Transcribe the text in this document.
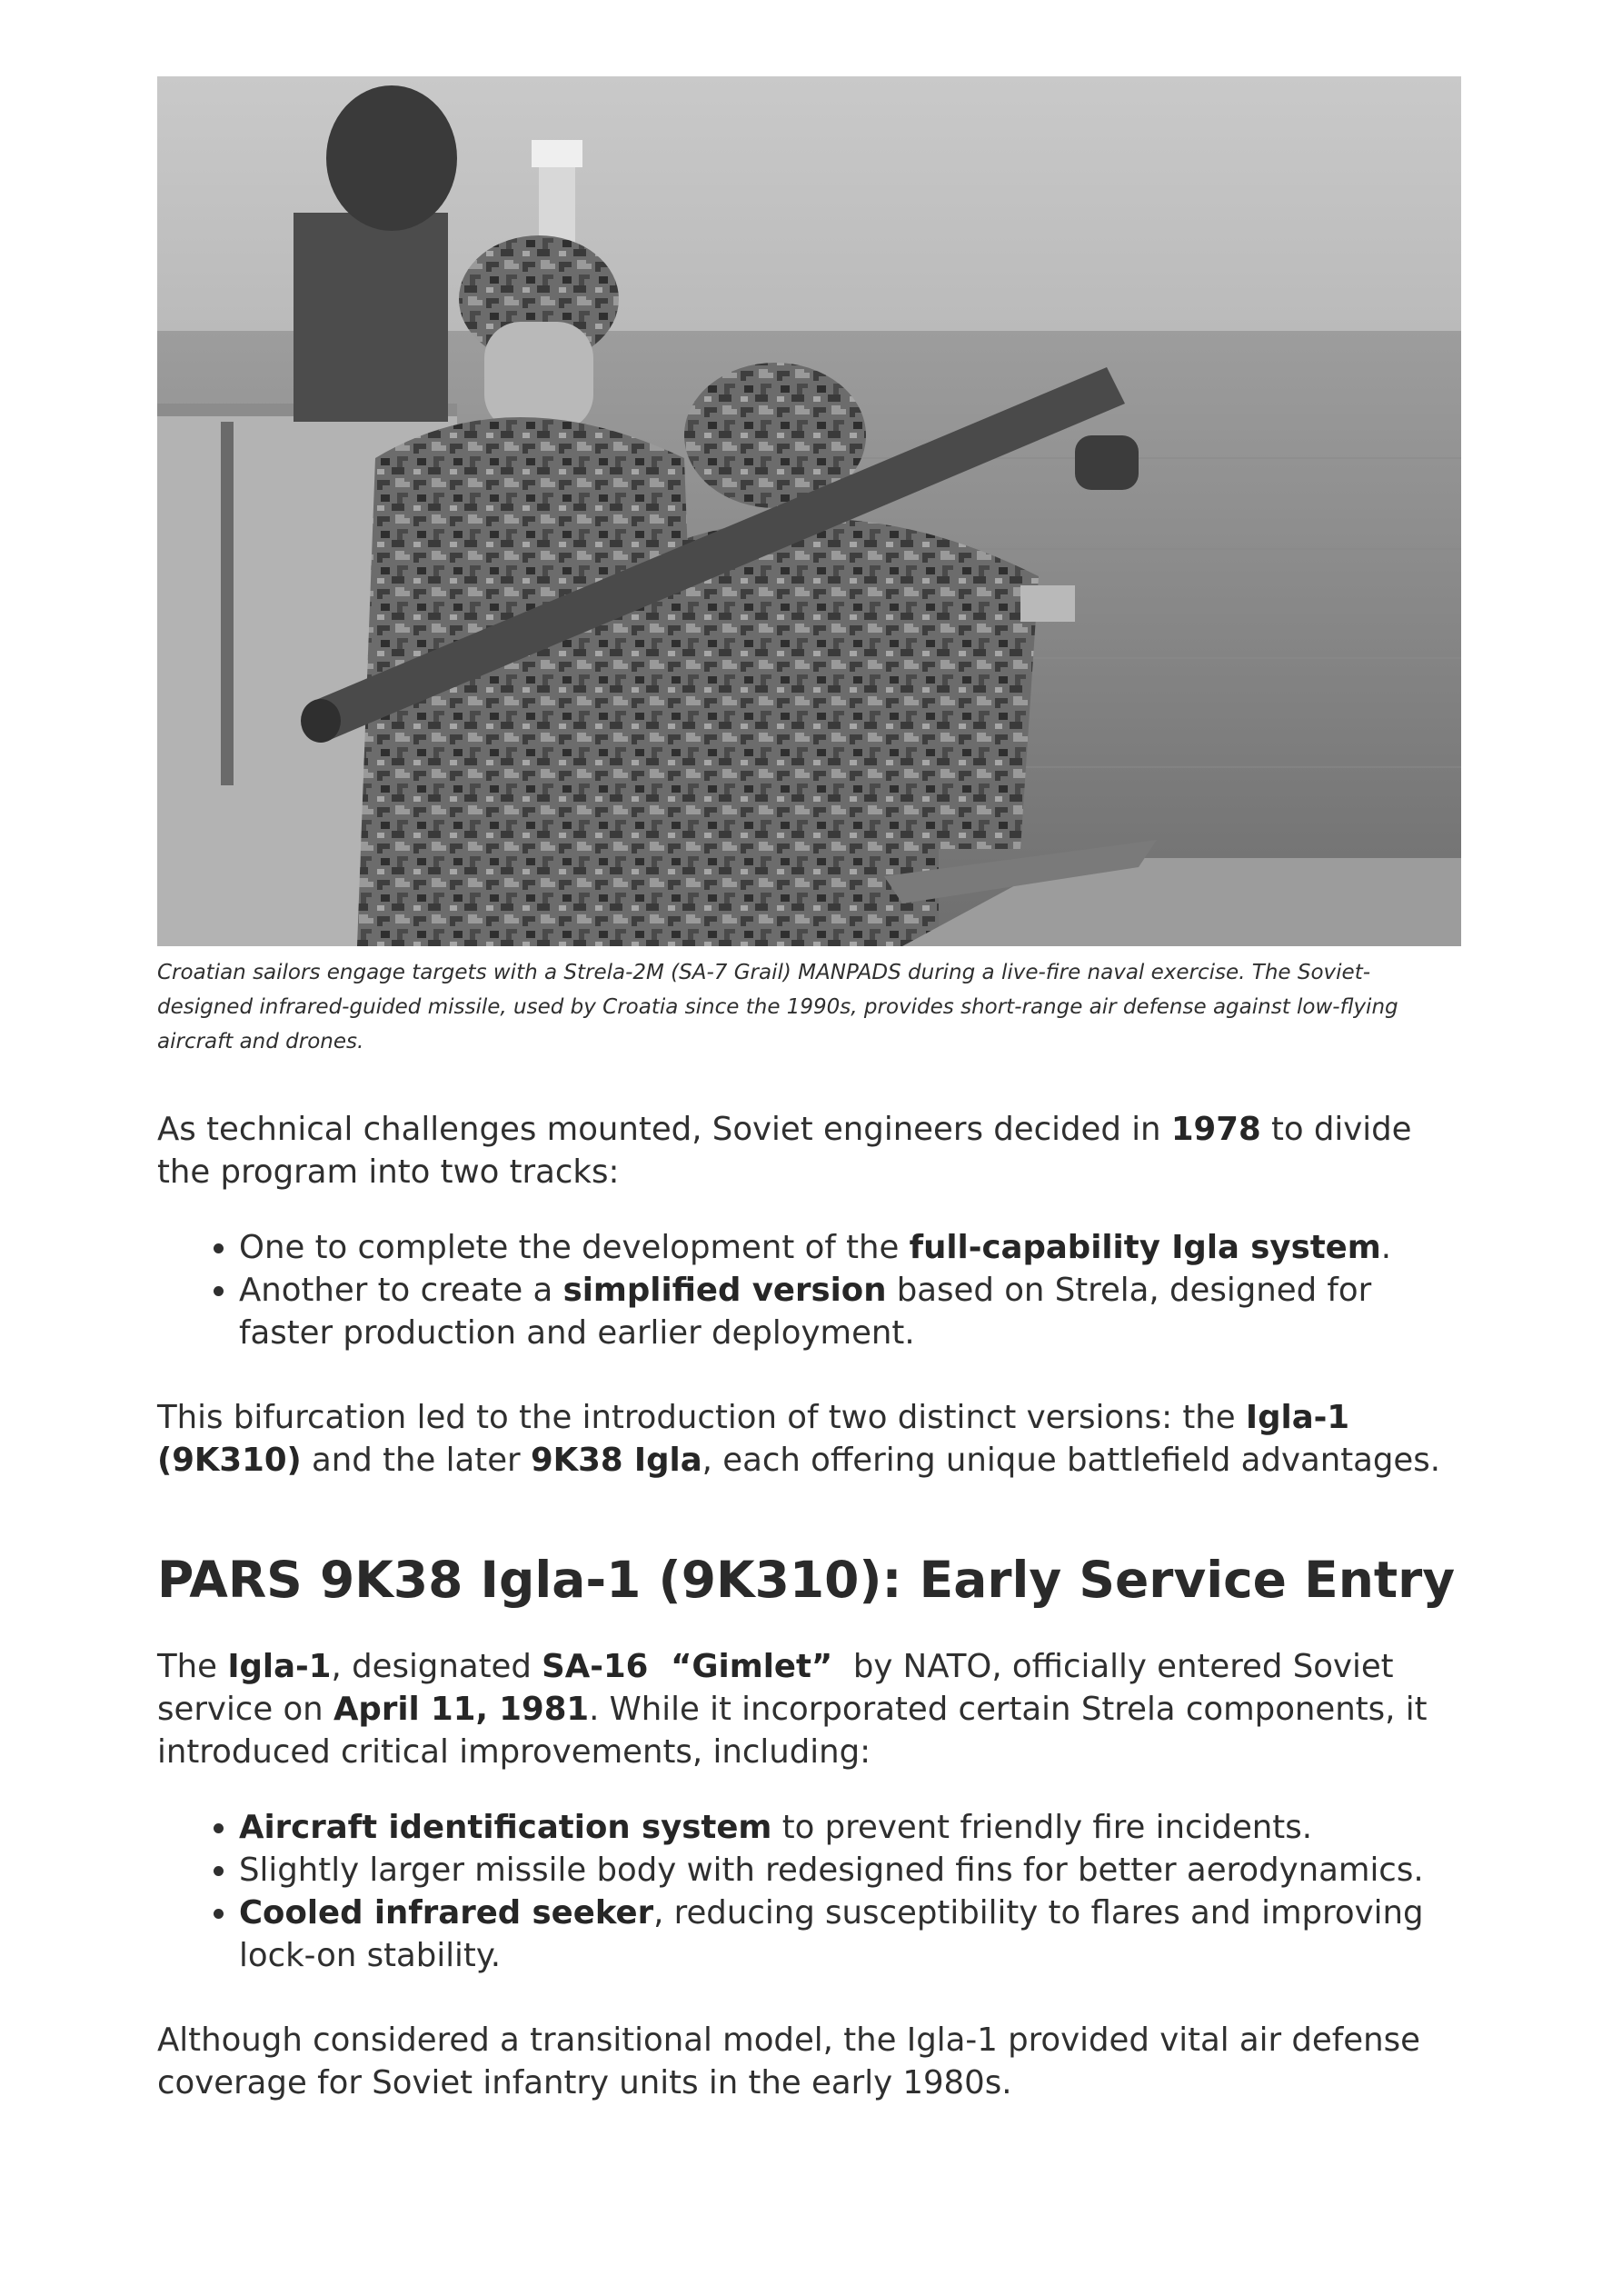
Croatian sailors engage targets with a Strela-2M (SA-7 Grail) MANPADS during a live-fire naval exercise. The Soviet-designed infrared-guided missile, used by Croatia since the 1990s, provides short-range air defense against low-flying aircraft and drones.

As technical challenges mounted, Soviet engineers decided in 1978 to divide the program into two tracks:

• One to complete the development of the full-capability Igla system.
• Another to create a simplified version based on Strela, designed for faster production and earlier deployment.

This bifurcation led to the introduction of two distinct versions: the Igla-1 (9K310) and the later 9K38 Igla, each offering unique battlefield advantages.

PARS 9K38 Igla-1 (9K310): Early Service Entry

The Igla-1, designated SA-16  “Gimlet”  by NATO, officially entered Soviet service on April 11, 1981. While it incorporated certain Strela components, it introduced critical improvements, including:

• Aircraft identification system to prevent friendly fire incidents.
• Slightly larger missile body with redesigned fins for better aerodynamics.
• Cooled infrared seeker, reducing susceptibility to flares and improving lock-on stability.

Although considered a transitional model, the Igla-1 provided vital air defense coverage for Soviet infantry units in the early 1980s.
